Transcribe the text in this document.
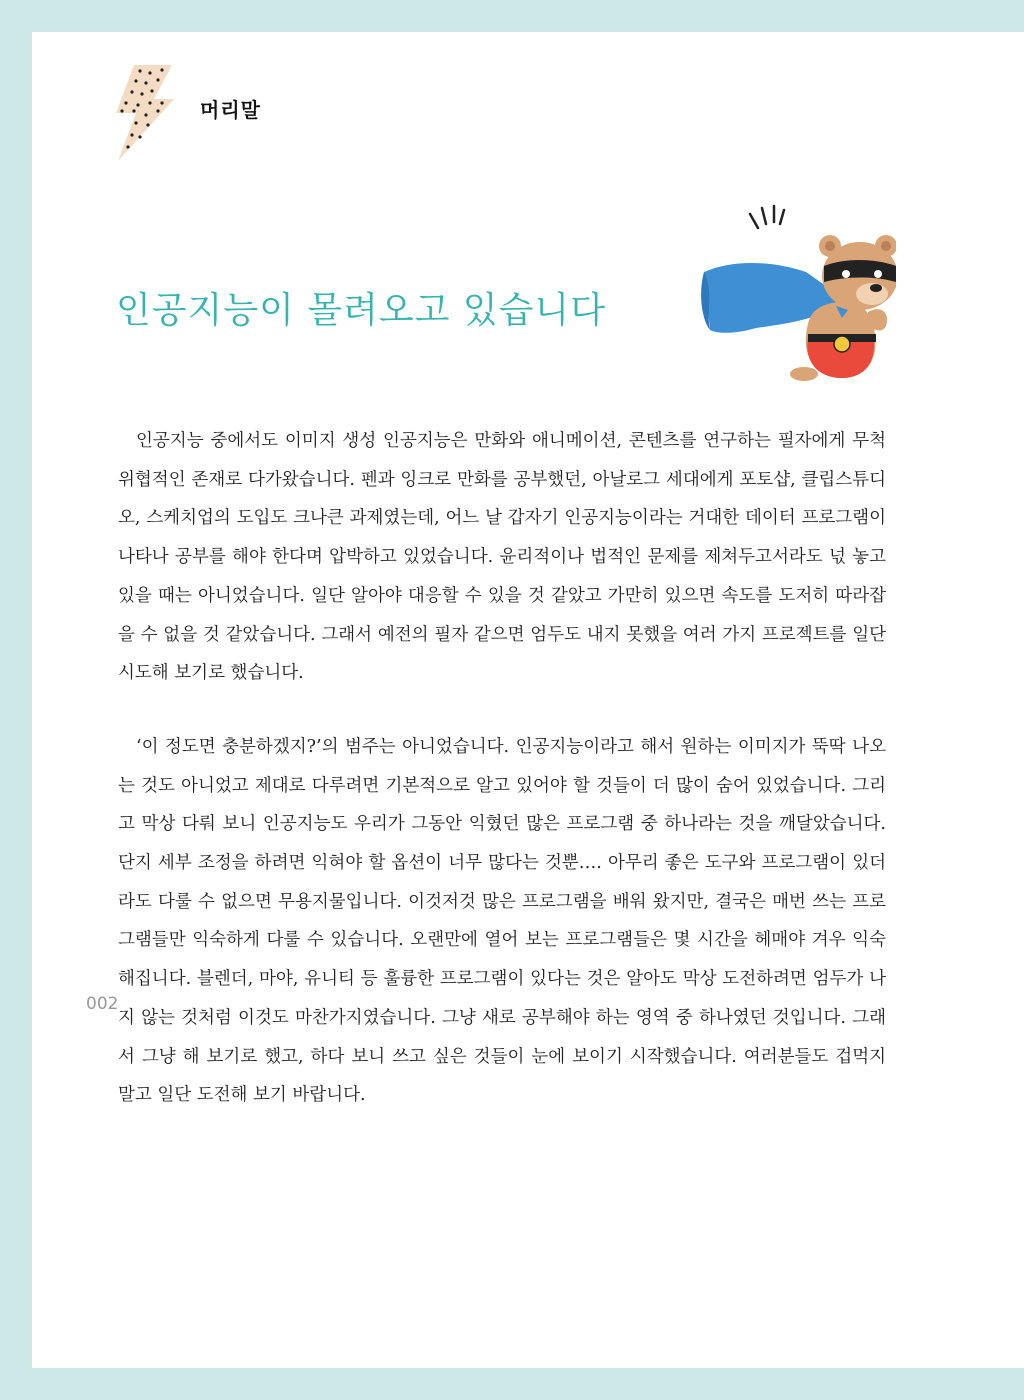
머리말
인공지능이 몰려오고 있습니다

인공지능 중에서도 이미지 생성 인공지능은 만화와 애니메이션, 콘텐츠를 연구하는 필자에게 무척 위협적인 존재로 다가왔습니다. 펜과 잉크로 만화를 공부했던, 아날로그 세대에게 포토샵, 클립스튜디오, 스케치업의 도입도 크나큰 과제였는데, 어느 날 갑자기 인공지능이라는 거대한 데이터 프로그램이 나타나 공부를 해야 한다며 압박하고 있었습니다. 윤리적이나 법적인 문제를 제쳐두고서라도 넋 놓고 있을 때는 아니었습니다. 일단 알아야 대응할 수 있을 것 같았고 가만히 있으면 속도를 도저히 따라잡을 수 없을 것 같았습니다. 그래서 예전의 필자 같으면 엄두도 내지 못했을 여러 가지 프로젝트를 일단 시도해 보기로 했습니다.

‘이 정도면 충분하겠지?’의 범주는 아니었습니다. 인공지능이라고 해서 원하는 이미지가 뚝딱 나오는 것도 아니었고 제대로 다루려면 기본적으로 알고 있어야 할 것들이 더 많이 숨어 있었습니다. 그리고 막상 다뤄 보니 인공지능도 우리가 그동안 익혔던 많은 프로그램 중 하나라는 것을 깨달았습니다. 단지 세부 조정을 하려면 익혀야 할 옵션이 너무 많다는 것뿐…. 아무리 좋은 도구와 프로그램이 있더라도 다룰 수 없으면 무용지물입니다. 이것저것 많은 프로그램을 배워 왔지만, 결국은 매번 쓰는 프로그램들만 익숙하게 다룰 수 있습니다. 오랜만에 열어 보는 프로그램들은 몇 시간을 헤매야 겨우 익숙해집니다. 블렌더, 마야, 유니티 등 훌륭한 프로그램이 있다는 것은 알아도 막상 도전하려면 엄두가 나지 않는 것처럼 이것도 마찬가지였습니다. 그냥 새로 공부해야 하는 영역 중 하나였던 것입니다. 그래서 그냥 해 보기로 했고, 하다 보니 쓰고 싶은 것들이 눈에 보이기 시작했습니다. 여러분들도 겁먹지 말고 일단 도전해 보기 바랍니다.

002
